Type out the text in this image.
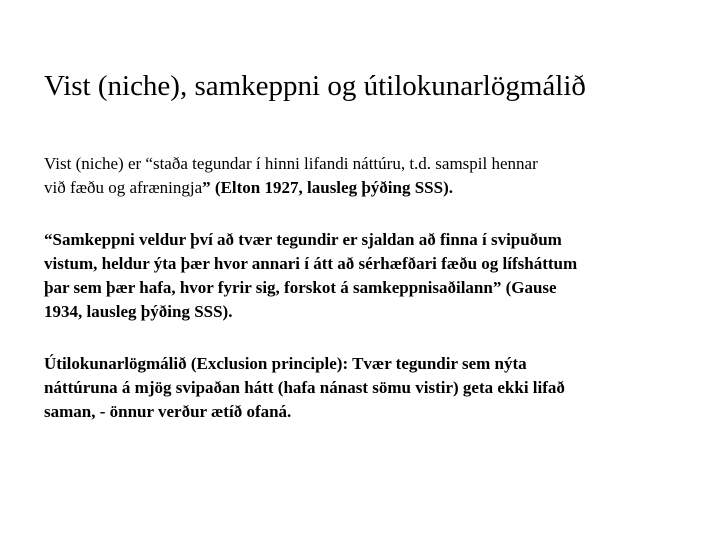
Vist (niche), samkeppni og útilokunarlögmálið

Vist (niche) er “staða tegundar í hinni lifandi náttúru, t.d. samspil hennar
við fæðu og afræningja” (Elton 1927, lausleg þýðing SSS).

“Samkeppni veldur því að tvær tegundir er sjaldan að finna í svipuðum
vistum, heldur ýta þær hvor annari í átt að sérhæfðari fæðu og lífsháttum
þar sem þær hafa, hvor fyrir sig, forskot á samkeppnisaðilann” (Gause
1934, lausleg þýðing SSS).

Útilokunarlögmálið (Exclusion principle): Tvær tegundir sem nýta
náttúruna á mjög svipaðan hátt (hafa nánast sömu vistir) geta ekki lifað
saman, - önnur verður ætíð ofaná.
